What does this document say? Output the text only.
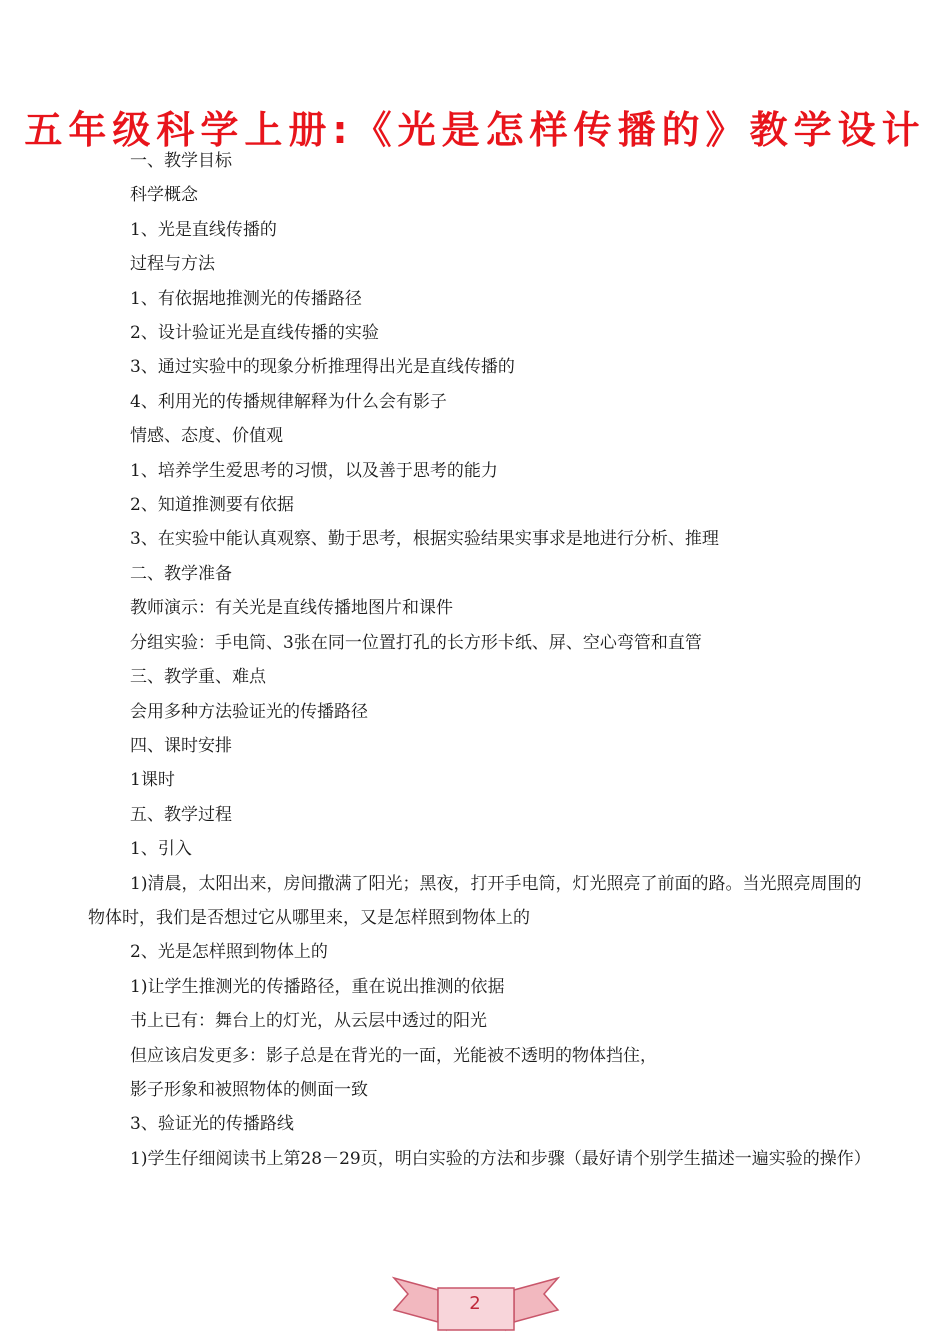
五年级科学上册:《光是怎样传播的》教学设计
一、教学目标
科学概念
1、光是直线传播的
过程与方法
1、有依据地推测光的传播路径
2、设计验证光是直线传播的实验
3、通过实验中的现象分析推理得出光是直线传播的
4、利用光的传播规律解释为什么会有影子
情感、态度、价值观
1、培养学生爱思考的习惯，以及善于思考的能力
2、知道推测要有依据
3、在实验中能认真观察、勤于思考，根据实验结果实事求是地进行分析、推理
二、教学准备
教师演示：有关光是直线传播地图片和课件
分组实验：手电筒、3张在同一位置打孔的长方形卡纸、屏、空心弯管和直管
三、教学重、难点
会用多种方法验证光的传播路径
四、课时安排
1课时
五、教学过程
1、引入
1)清晨，太阳出来，房间撒满了阳光；黑夜，打开手电筒，灯光照亮了前面的路。当光照亮周围的物体时，我们是否想过它从哪里来，又是怎样照到物体上的
2、光是怎样照到物体上的
1)让学生推测光的传播路径，重在说出推测的依据
书上已有：舞台上的灯光，从云层中透过的阳光
但应该启发更多：影子总是在背光的一面，光能被不透明的物体挡住，
影子形象和被照物体的侧面一致
3、验证光的传播路线
1)学生仔细阅读书上第28－29页，明白实验的方法和步骤（最好请个别学生描述一遍实验的操作）
2
